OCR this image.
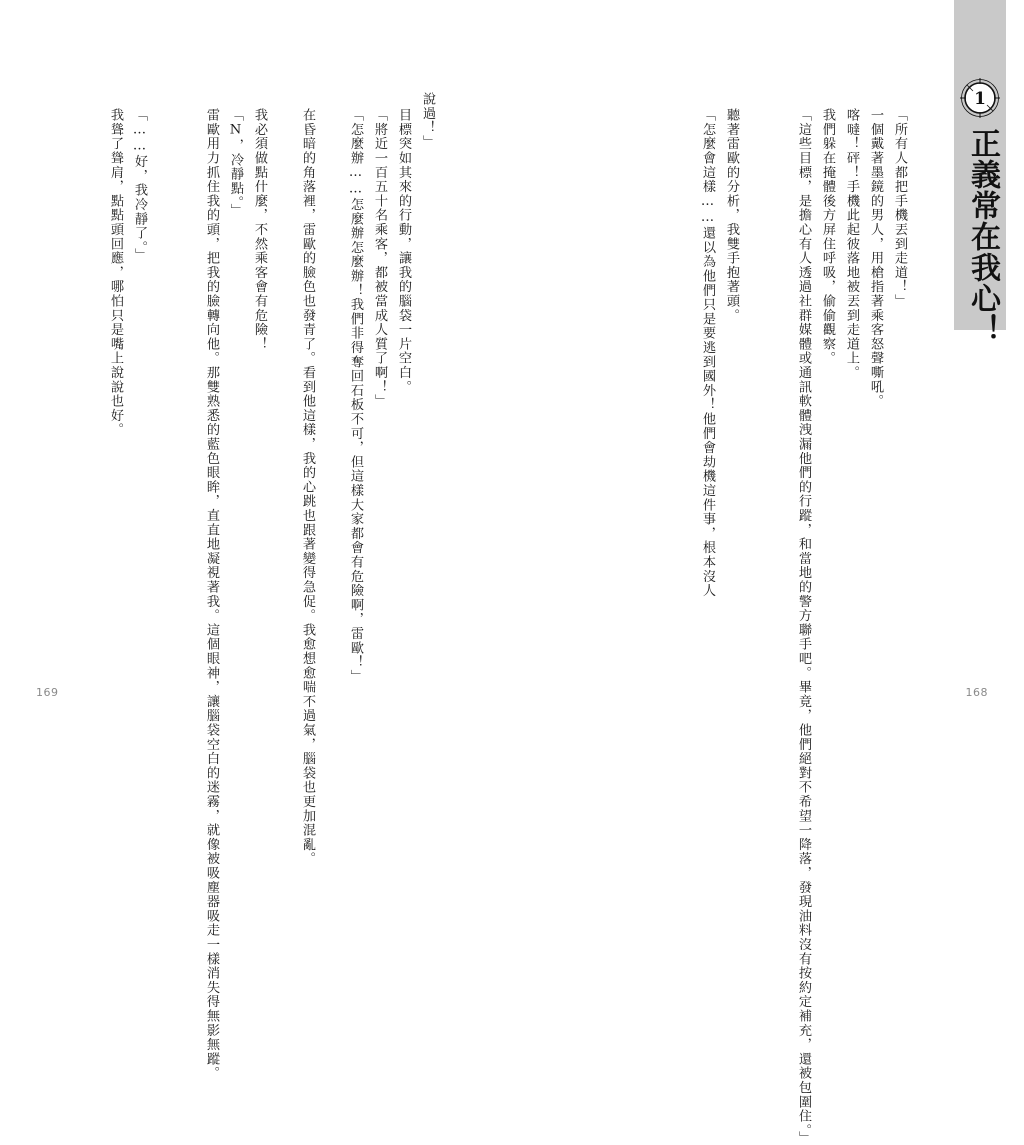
1
正義常在我心！
「所有人都把手機丟到走道！」
一個戴著墨鏡的男人，用槍指著乘客怒聲嘶吼。
喀噠！砰！手機此起彼落地被丟到走道上。
我們躲在掩體後方屏住呼吸，偷偷觀察。
「這些目標，是擔心有人透過社群媒體或通訊軟體洩漏他們的行蹤，和當地的警方聯手吧。畢竟，他們絕對不希望一降落，發現油料沒有按約定補充，還被包圍住。」
聽著雷歐的分析，我雙手抱著頭。
「怎麼會這樣……還以為他們只是要逃到國外！他們會劫機這件事，根本沒人
168
說過！」
目標突如其來的行動，讓我的腦袋一片空白。
「將近一百五十名乘客，都被當成人質了啊！」
「怎麼辦……怎麼辦怎麼辦！我們非得奪回石板不可，但這樣大家都會有危險啊，雷歐！」
在昏暗的角落裡，雷歐的臉色也發青了。看到他這樣，我的心跳也跟著變得急促。我愈想愈喘不過氣，腦袋也更加混亂。
我必須做點什麼，不然乘客會有危險！
「N，冷靜點。」
雷歐用力抓住我的頭，把我的臉轉向他。那雙熟悉的藍色眼眸，直直地凝視著我。這個眼神，讓腦袋空白的迷霧，就像被吸塵器吸走一樣消失得無影無蹤。
「……好，我冷靜了。」
我聳了聳肩，點點頭回應，哪怕只是嘴上說說也好。
169
